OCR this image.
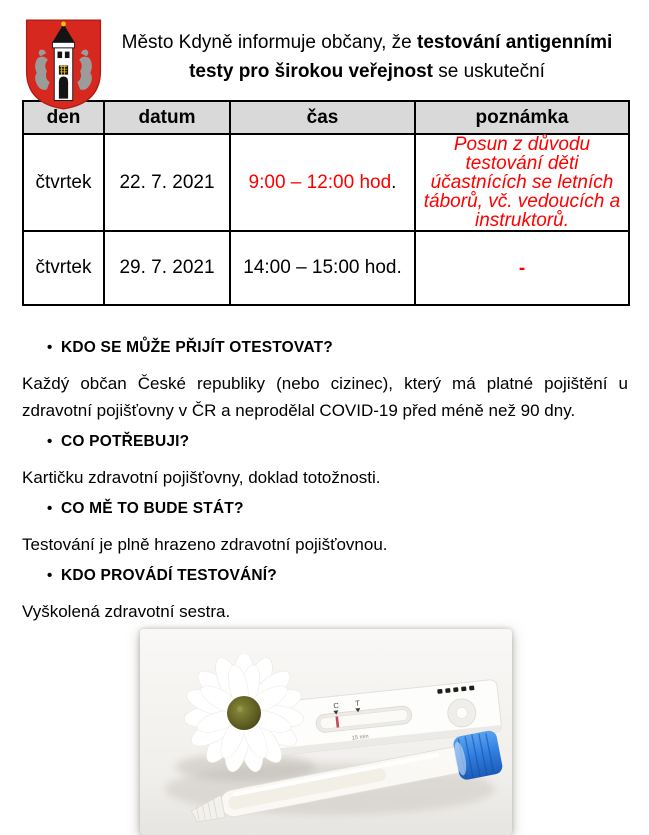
Město Kdyně informuje občany, že testování antigenními
testy pro širokou veřejnost se uskuteční
den	datum	čas	poznámka
čtvrtek	22. 7. 2021	9:00 – 12:00 hod.	Posun z důvodu testování děti účastnících se letních táborů, vč. vedoucích a instruktorů.
čtvrtek	29. 7. 2021	14:00 – 15:00 hod.	-
• KDO SE MŮŽE PŘIJÍT OTESTOVAT?
Každý občan České republiky (nebo cizinec), který má platné pojištění u zdravotní pojišťovny v ČR a neprodělal COVID-19 před méně než 90 dny.
• CO POTŘEBUJI?
Kartičku zdravotní pojišťovny, doklad totožnosti.
• CO MĚ TO BUDE STÁT?
Testování je plně hrazeno zdravotní pojišťovnou.
• KDO PROVÁDÍ TESTOVÁNÍ?
Vyškolená zdravotní sestra.
C T
15 min
